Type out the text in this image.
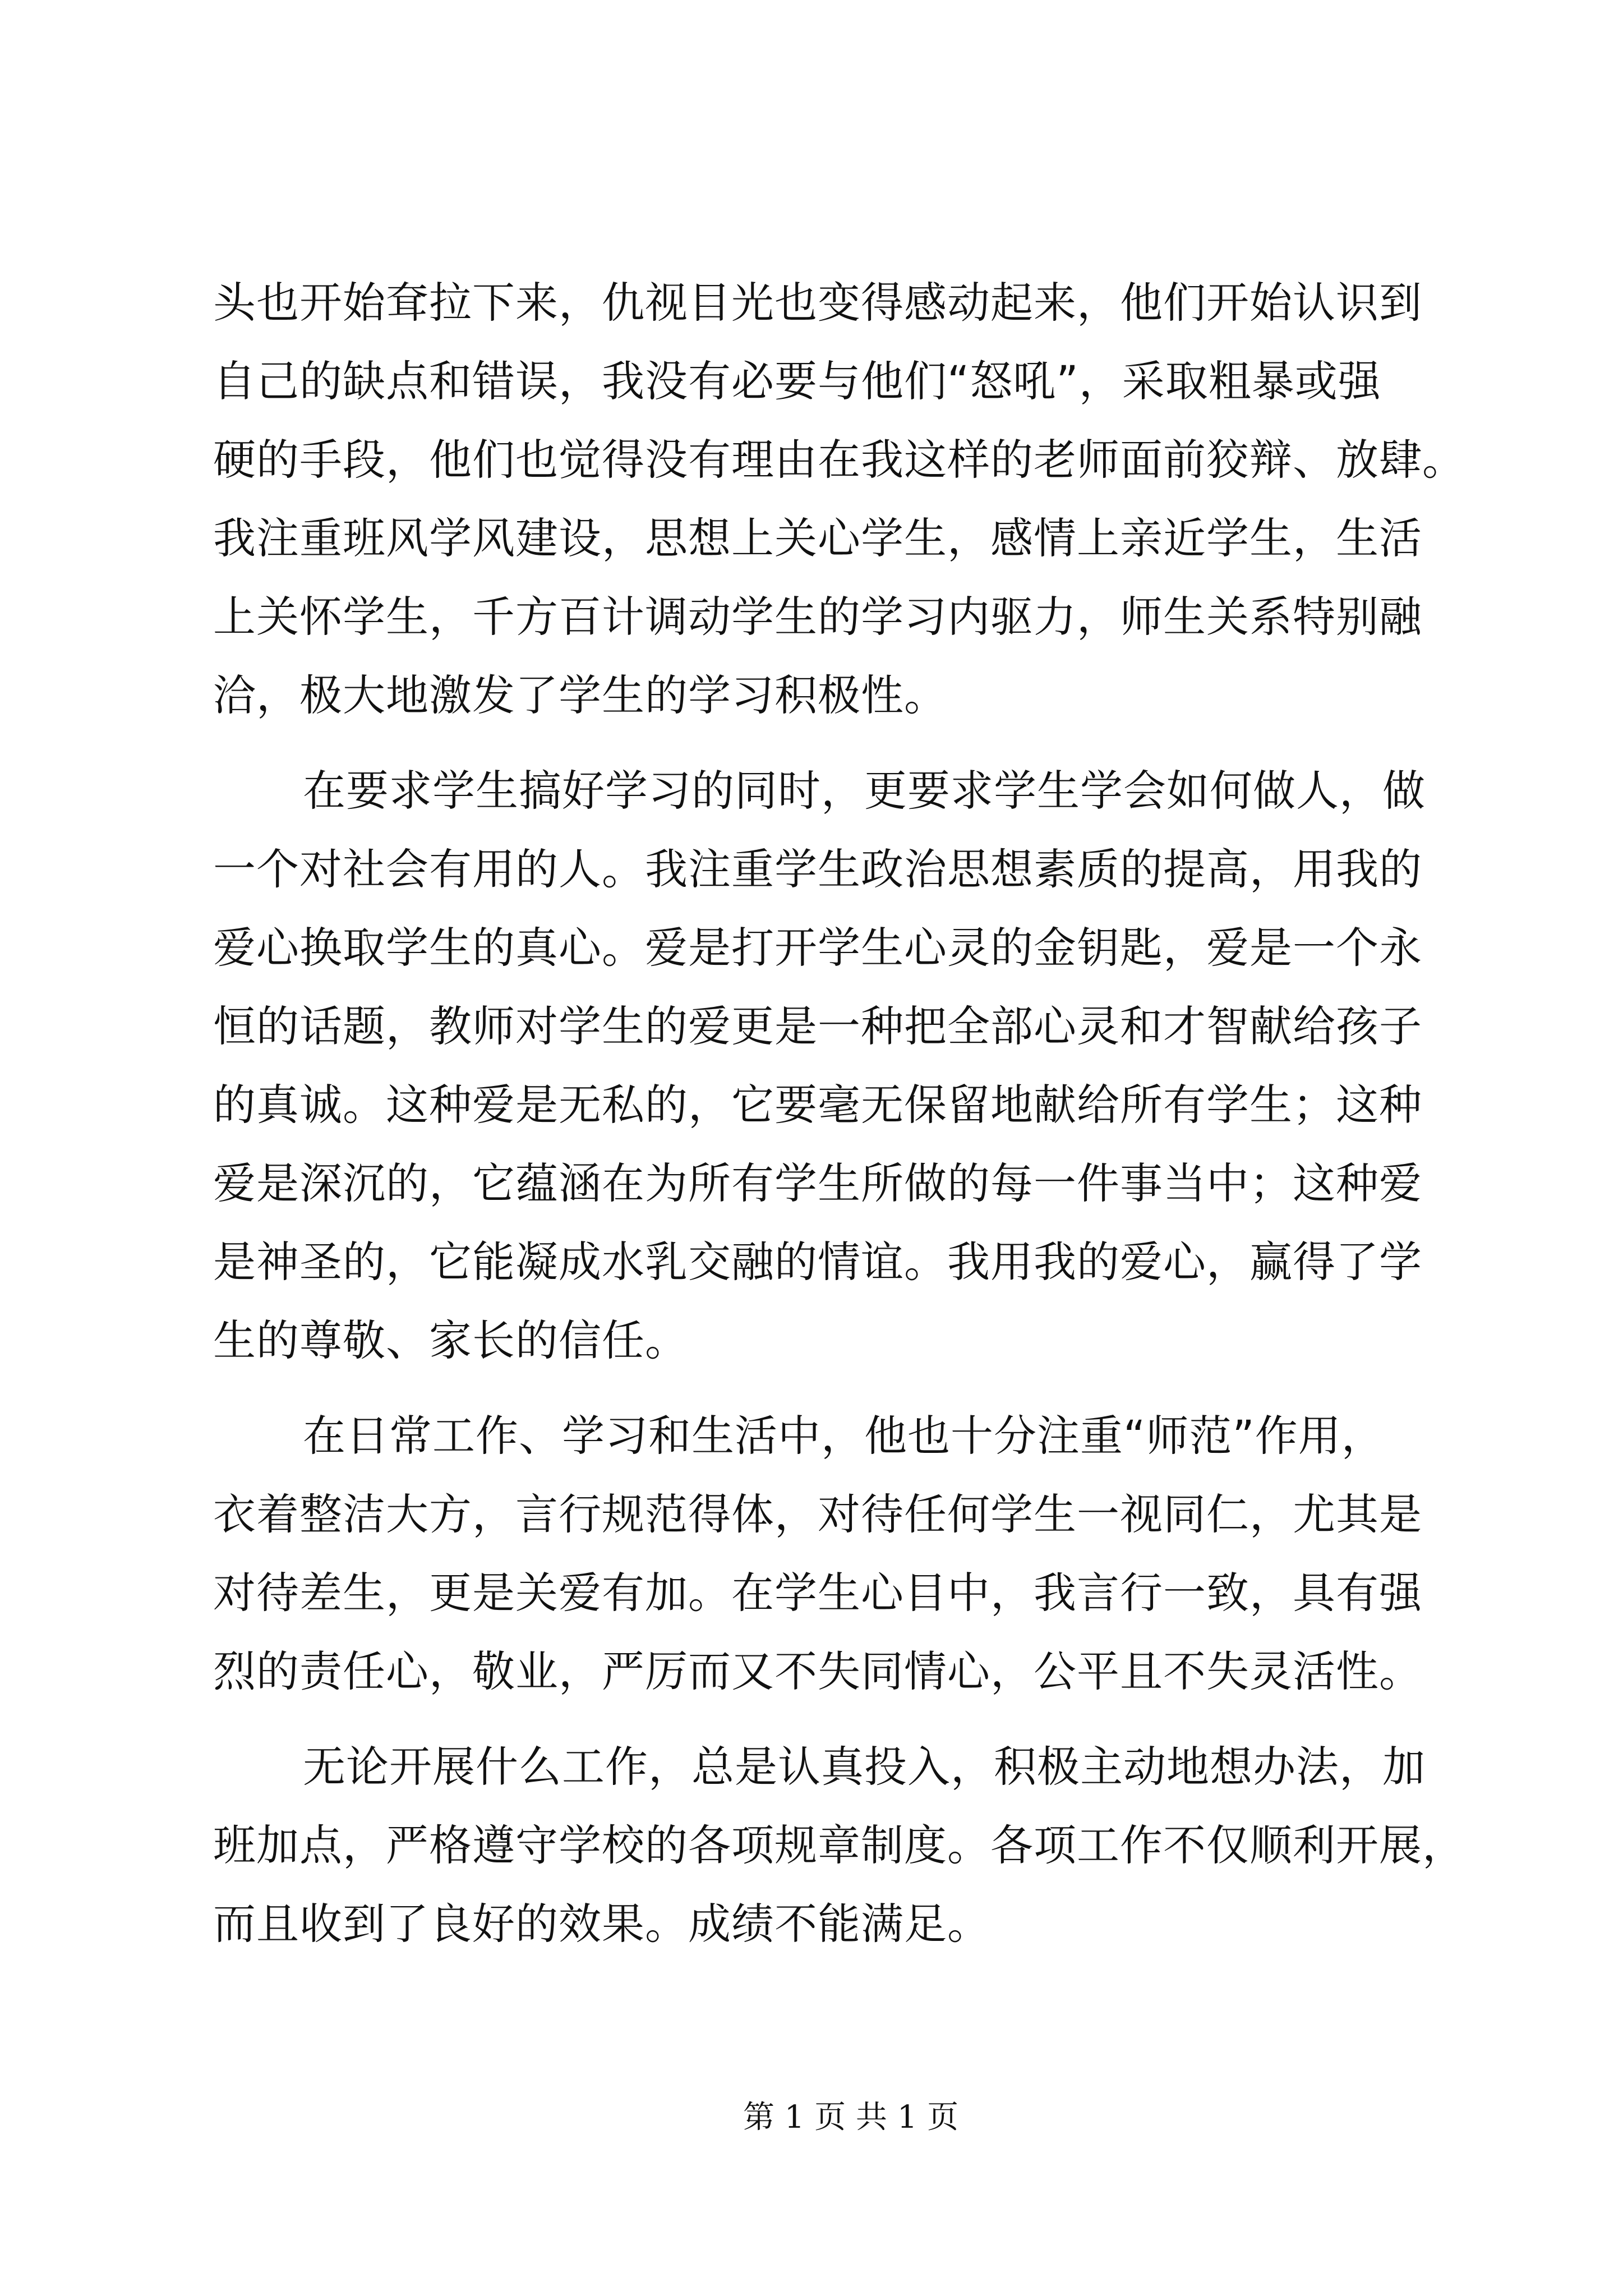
头也开始耷拉下来，仇视目光也变得感动起来，他们开始认识到
自己的缺点和错误，我没有必要与他们“怒吼”，采取粗暴或强
硬的手段，他们也觉得没有理由在我这样的老师面前狡辩、放肆。
我注重班风学风建设，思想上关心学生，感情上亲近学生，生活
上关怀学生，千方百计调动学生的学习内驱力，师生关系特别融
洽，极大地激发了学生的学习积极性。
在要求学生搞好学习的同时，更要求学生学会如何做人，做
一个对社会有用的人。我注重学生政治思想素质的提高，用我的
爱心换取学生的真心。爱是打开学生心灵的金钥匙，爱是一个永
恒的话题，教师对学生的爱更是一种把全部心灵和才智献给孩子
的真诚。这种爱是无私的，它要毫无保留地献给所有学生；这种
爱是深沉的，它蕴涵在为所有学生所做的每一件事当中；这种爱
是神圣的，它能凝成水乳交融的情谊。我用我的爱心，赢得了学
生的尊敬、家长的信任。
在日常工作、学习和生活中，他也十分注重“师范”作用，
衣着整洁大方，言行规范得体，对待任何学生一视同仁，尤其是
对待差生，更是关爱有加。在学生心目中，我言行一致，具有强
烈的责任心，敬业，严厉而又不失同情心，公平且不失灵活性。
无论开展什么工作，总是认真投入，积极主动地想办法，加
班加点，严格遵守学校的各项规章制度。各项工作不仅顺利开展，
而且收到了良好的效果。成绩不能满足。
第 1 页 共 1 页
